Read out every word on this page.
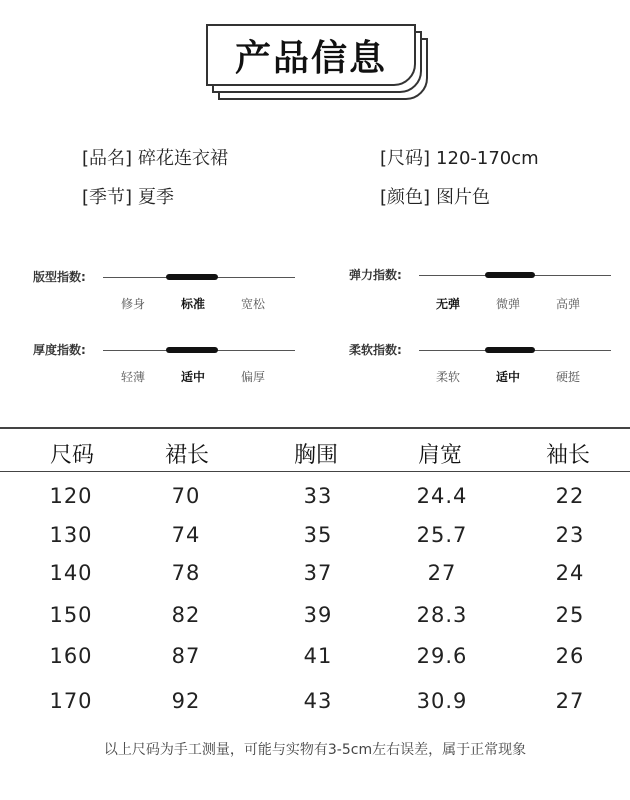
产品信息
[品名] 碎花连衣裙	[尺码] 120-170cm
[季节] 夏季	[颜色] 图片色
版型指数:
修身	标准	宽松
弹力指数:
无弹	微弹	高弹
厚度指数:
轻薄	适中	偏厚
柔软指数:
柔软	适中	硬挺
尺码	裙长	胸围	肩宽	袖长
120	70	33	24.4	22
130	74	35	25.7	23
140	78	37	27	24
150	82	39	28.3	25
160	87	41	29.6	26
170	92	43	30.9	27
以上尺码为手工测量，可能与实物有3-5cm左右误差，属于正常现象
